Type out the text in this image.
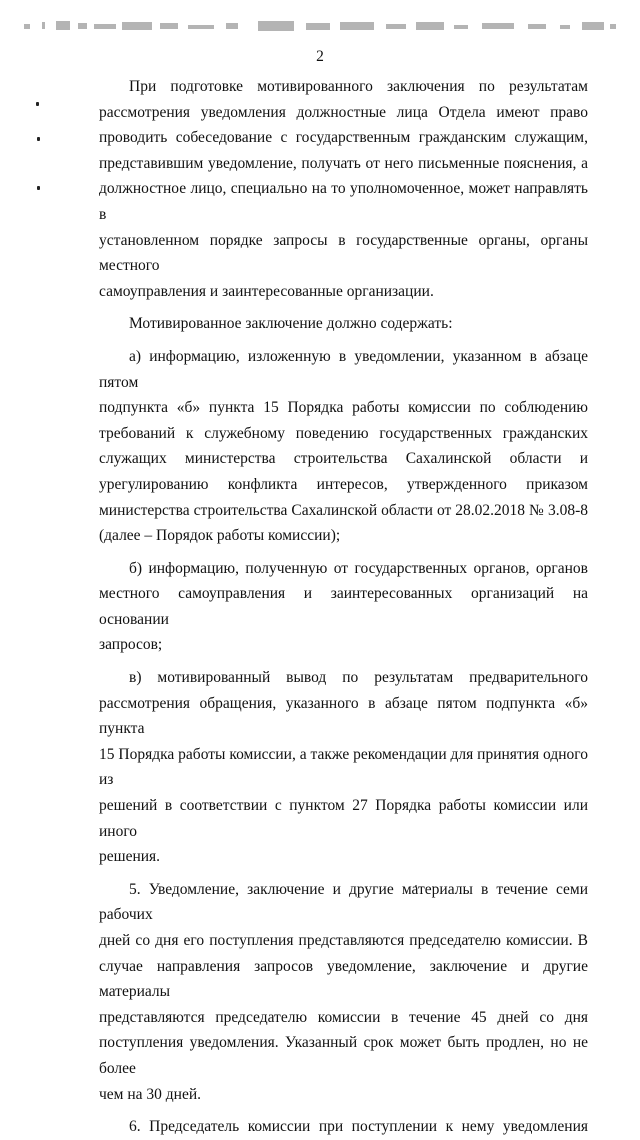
2
При подготовке мотивированного заключения по результатам
рассмотрения уведомления должностные лица Отдела имеют право
проводить собеседование с государственным гражданским служащим,
представившим уведомление, получать от него письменные пояснения, а
должностное лицо, специально на то уполномоченное, может направлять в
установленном порядке запросы в государственные органы, органы местного
самоуправления и заинтересованные организации.
Мотивированное заключение должно содержать:
а) информацию, изложенную в уведомлении, указанном в абзаце пятом
подпункта «б» пункта 15 Порядка работы комиссии по соблюдению
требований к служебному поведению государственных гражданских
служащих министерства строительства Сахалинской области и
урегулированию конфликта интересов, утвержденного приказом
министерства строительства Сахалинской области от 28.02.2018 № 3.08-8
(далее – Порядок работы комиссии);
б) информацию, полученную от государственных органов, органов
местного самоуправления и заинтересованных организаций на основании
запросов;
в) мотивированный вывод по результатам предварительного
рассмотрения обращения, указанного в абзаце пятом подпункта «б» пункта
15 Порядка работы комиссии, а также рекомендации для принятия одного из
решений в соответствии с пунктом 27 Порядка работы комиссии или иного
решения.
5. Уведомление, заключение и другие материалы в течение семи рабочих
дней со дня его поступления представляются председателю комиссии. В
случае направления запросов уведомление, заключение и другие материалы
представляются председателю комиссии в течение 45 дней со дня
поступления уведомления. Указанный срок может быть продлен, но не более
чем на 30 дней.
6. Председатель комиссии при поступлении к нему уведомления
